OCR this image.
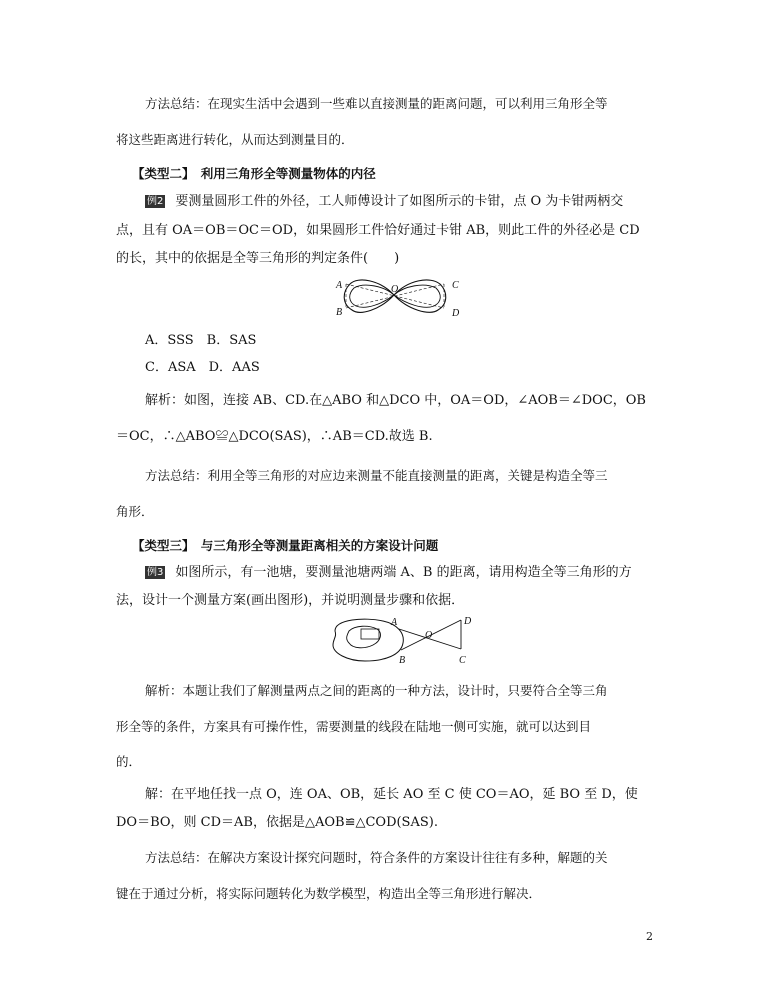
方法总结：在现实生活中会遇到一些难以直接测量的距离问题，可以利用三角形全等
将这些距离进行转化，从而达到测量目的．
【类型二】　利用三角形全等测量物体的内径
例2 要测量圆形工件的外径，工人师傅设计了如图所示的卡钳，点 O 为卡钳两柄交
点，且有 OA＝OB＝OC＝OD，如果圆形工件恰好通过卡钳 AB，则此工件的外径必是 CD
的长，其中的依据是全等三角形的判定条件(　　)
A	O	C
B	D
A．SSS　B．SAS
C．ASA　D．AAS
解析：如图，连接 AB、CD.在△ABO 和△DCO 中，OA＝OD，∠AOB＝∠DOC，OB
＝OC，∴△ABO≌△DCO(SAS)，∴AB＝CD.故选 B.
方法总结：利用全等三角形的对应边来测量不能直接测量的距离，关键是构造全等三
角形．
【类型三】　与三角形全等测量距离相关的方案设计问题
例3 如图所示，有一池塘，要测量池塘两端 A、B 的距离，请用构造全等三角形的方
法，设计一个测量方案(画出图形)，并说明测量步骤和依据．
A	D
O
B	C
解析：本题让我们了解测量两点之间的距离的一种方法，设计时，只要符合全等三角
形全等的条件，方案具有可操作性，需要测量的线段在陆地一侧可实施，就可以达到目
的．
解：在平地任找一点 O，连 OA、OB，延长 AO 至 C 使 CO＝AO，延 BO 至 D，使
DO＝BO，则 CD＝AB，依据是△AOB≌△COD(SAS).
方法总结：在解决方案设计探究问题时，符合条件的方案设计往往有多种，解题的关
键在于通过分析，将实际问题转化为数学模型，构造出全等三角形进行解决．
2
